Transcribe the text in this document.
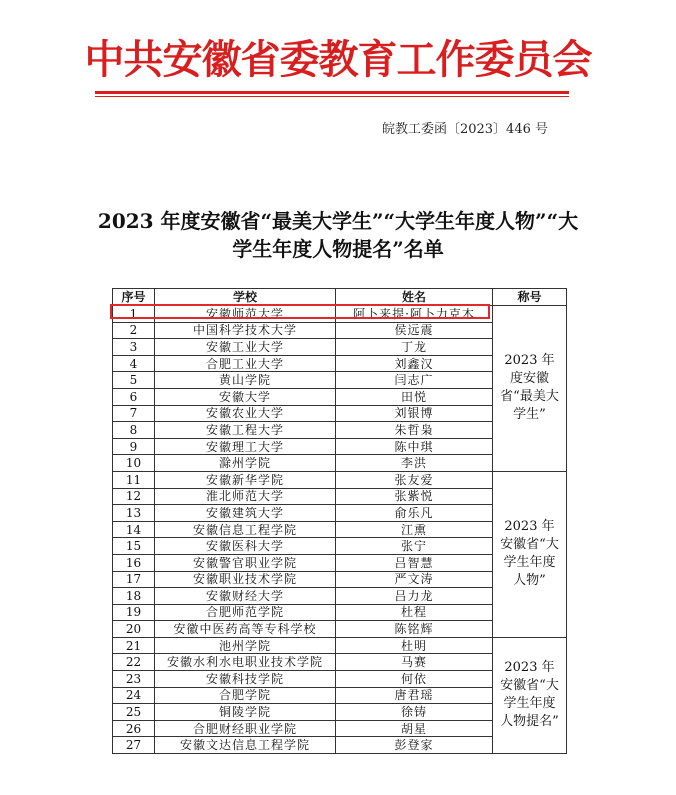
中共安徽省委教育工作委员会
皖教工委函〔2023〕446 号
2023 年度安徽省“最美大学生”“大学生年度人物”“大学生年度人物提名”名单
序号	学校	姓名	称号
1	安徽师范大学	阿卜来提·阿卜力克木	2023 年度安徽省“最美大学生”
2	中国科学技术大学	侯远震	
3	安徽工业大学	丁龙	
4	合肥工业大学	刘鑫汉	
5	黄山学院	闫志广	
6	安徽大学	田悦	
7	安徽农业大学	刘银博	
8	安徽工程大学	朱哲枭	
9	安徽理工大学	陈中琪	
10	滁州学院	李洪	
11	安徽新华学院	张友爱	2023 年安徽省“大学生年度人物”
12	淮北师范大学	张紫悦	
13	安徽建筑大学	俞乐凡	
14	安徽信息工程学院	江熏	
15	安徽医科大学	张宁	
16	安徽警官职业学院	吕智慧	
17	安徽职业技术学院	严文涛	
18	安徽财经大学	吕力龙	
19	合肥师范学院	杜程	
20	安徽中医药高等专科学校	陈铭辉	
21	池州学院	杜明	2023 年安徽省“大学生年度人物提名”
22	安徽水利水电职业技术学院	马赛	
23	安徽科技学院	何依	
24	合肥学院	唐君瑶	
25	铜陵学院	徐铸	
26	合肥财经职业学院	胡星	
27	安徽文达信息工程学院	彭登家	
